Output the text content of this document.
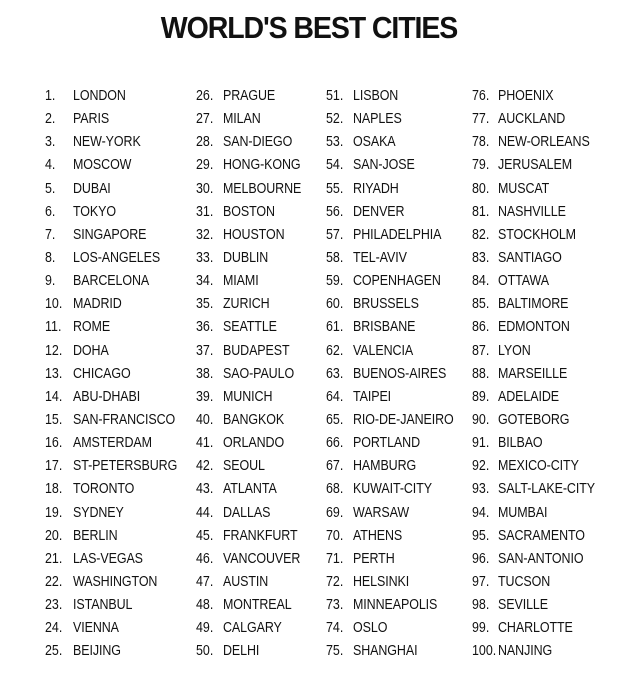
WORLD'S BEST CITIES
1. LONDON
2. PARIS
3. NEW-YORK
4. MOSCOW
5. DUBAI
6. TOKYO
7. SINGAPORE
8. LOS-ANGELES
9. BARCELONA
10. MADRID
11. ROME
12. DOHA
13. CHICAGO
14. ABU-DHABI
15. SAN-FRANCISCO
16. AMSTERDAM
17. ST-PETERSBURG
18. TORONTO
19. SYDNEY
20. BERLIN
21. LAS-VEGAS
22. WASHINGTON
23. ISTANBUL
24. VIENNA
25. BEIJING
26. PRAGUE
27. MILAN
28. SAN-DIEGO
29. HONG-KONG
30. MELBOURNE
31. BOSTON
32. HOUSTON
33. DUBLIN
34. MIAMI
35. ZURICH
36. SEATTLE
37. BUDAPEST
38. SAO-PAULO
39. MUNICH
40. BANGKOK
41. ORLANDO
42. SEOUL
43. ATLANTA
44. DALLAS
45. FRANKFURT
46. VANCOUVER
47. AUSTIN
48. MONTREAL
49. CALGARY
50. DELHI
51. LISBON
52. NAPLES
53. OSAKA
54. SAN-JOSE
55. RIYADH
56. DENVER
57. PHILADELPHIA
58. TEL-AVIV
59. COPENHAGEN
60. BRUSSELS
61. BRISBANE
62. VALENCIA
63. BUENOS-AIRES
64. TAIPEI
65. RIO-DE-JANEIRO
66. PORTLAND
67. HAMBURG
68. KUWAIT-CITY
69. WARSAW
70. ATHENS
71. PERTH
72. HELSINKI
73. MINNEAPOLIS
74. OSLO
75. SHANGHAI
76. PHOENIX
77. AUCKLAND
78. NEW-ORLEANS
79. JERUSALEM
80. MUSCAT
81. NASHVILLE
82. STOCKHOLM
83. SANTIAGO
84. OTTAWA
85. BALTIMORE
86. EDMONTON
87. LYON
88. MARSEILLE
89. ADELAIDE
90. GOTEBORG
91. BILBAO
92. MEXICO-CITY
93. SALT-LAKE-CITY
94. MUMBAI
95. SACRAMENTO
96. SAN-ANTONIO
97. TUCSON
98. SEVILLE
99. CHARLOTTE
100. NANJING
